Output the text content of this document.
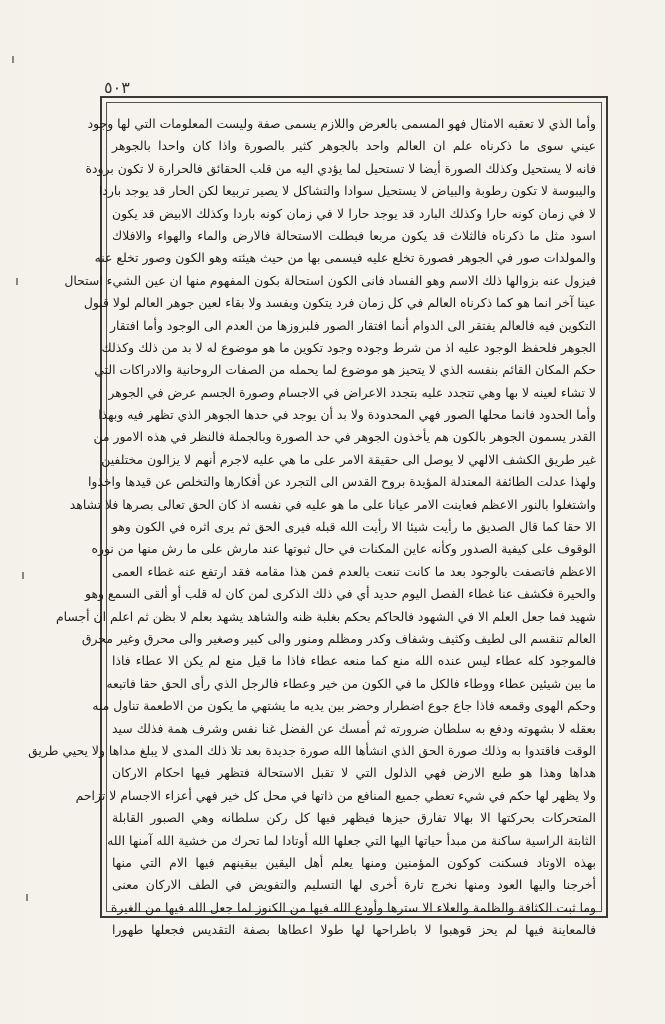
٥٠٣
وأما الذي لا تعقبه الامثال فهو المسمى بالعرض واللازم يسمى صفة وليست المعلومات التي لها وجود
عيني سوى ما ذكرناه علم ان العالم واحد بالجوهر كثير بالصورة واذا كان واحدا بالجوهر
فانه لا يستحيل وكذلك الصورة أيضا لا تستحيل لما يؤدي اليه من قلب الحقائق فالحرارة لا تكون برودة
واليبوسة لا تكون رطوبة والبياض لا يستحيل سوادا والتشاكل لا يصير تربيعا لكن الحار قد يوجد باردا
لا في زمان كونه حارا وكذلك البارد قد يوجد حارا لا في زمان كونه باردا وكذلك الابيض قد يكون
اسود مثل ما ذكرناه فالثلاث قد يكون مربعا فبطلت الاستحالة فالارض والماء والهواء والافلاك
والمولدات صور في الجوهر فصورة تخلع عليه فيسمى بها من حيث هيئته وهو الكون وصور تخلع عنه
فيزول عنه بزوالها ذلك الاسم وهو الفساد فانى الكون استحالة بكون المفهوم منها ان عين الشيء استحال
عينا آخر انما هو كما ذكرناه العالم في كل زمان فرد يتكون ويفسد ولا بقاء لعين جوهر العالم لولا قبول
التكوين فيه فالعالم يفتقر الى الدوام أنما افتقار الصور فلبروزها من العدم الى الوجود وأما افتقار
الجوهر فلحفظ الوجود عليه اذ من شرط وجوده وجود تكوين ما هو موضوع له لا بد من ذلك وكذلك
حكم المكان القائم بنفسه الذي لا يتحيز هو موضوع لما يحمله من الصفات الروحانية والادراكات التي
لا تشاء لعينه لا بها وهي تتجدد عليه بتجدد الاعراض في الاجسام وصورة الجسم عرض في الجوهر
وأما الحدود فانما محلها الصور فهي المحدودة ولا بد أن يوجد في حدها الجوهر الذي تظهر فيه وبهذا
القدر يسمون الجوهر بالكون هم يأخذون الجوهر في حد الصورة وبالجملة فالنظر في هذه الامور من
غير طريق الكشف الالهي لا يوصل الى حقيقة الامر على ما هي عليه لاجرم أنهم لا يزالون مختلفين
ولهذا عدلت الطائفة المعتدلة المؤيدة بروح القدس الى التجرد عن أفكارها والتخلص عن قيدها واخذوا
واشتغلوا بالنور الاعظم فعاينت الامر عيانا على ما هو عليه في نفسه اذ كان الحق تعالى بصرها فلا تشاهد
الا حقا كما قال الصديق ما رأيت شيئا الا رأيت الله قبله فيرى الحق ثم يرى اثره في الكون وهو
الوقوف على كيفية الصدور وكأنه عاين المكنات في حال ثبوتها عند مارش على ما رش منها من نوره
الاعظم فاتصفت بالوجود بعد ما كانت تنعت بالعدم فمن هذا مقامه فقد ارتفع عنه غطاء العمى
والحيرة فكشف عنا غطاء الفصل اليوم حديد أي في ذلك الذكرى لمن كان له قلب أو ألقى السمع وهو
شهيد فما جعل العلم الا في الشهود فالحاكم بحكم بغلبة ظنه والشاهد يشهد بعلم لا بظن ثم اعلم ان أجسام
العالم تنقسم الى لطيف وكثيف وشفاف وكدر ومظلم ومنور والى كبير وصغير والى محرق وغير محرق
فالموجود كله عطاء ليس عنده الله منع كما منعه عطاء فاذا ما قيل منع لم يكن الا عطاء فاذا
ما بين شيئين عطاء ووطاء فالكل ما في الكون من خير وعطاء فالرجل الذي رأى الحق حقا فاتبعه
وحكم الهوى وقمعه فاذا جاع جوع اضطرار وحضر بين يديه ما يشتهي ما يكون من الاطعمة تناول منه
بعقله لا بشهوته ودفع به سلطان ضرورته ثم أمسك عن الفضل غنا نفس وشرف همة فذلك سيد
الوقت فاقتدوا به وذلك صورة الحق الذي انشأها الله صورة جديدة بعد تلا ذلك المدى لا يبلغ مداها ولا يحيي طريق
هداها وهذا هو طبع الارض فهي الذلول التي لا تقبل الاستحالة فتظهر فيها احكام الاركان
ولا يظهر لها حكم في شيء تعطي جميع المنافع من ذاتها في محل كل خير فهي أعزاء الاجسام لا تزاحم
المتحركات بحركتها الا بهالا تفارق حيزها فيظهر فيها كل ركن سلطانه وهي الصبور القابلة
الثابتة الراسية ساكنة من مبدأ حياتها اليها التي جعلها الله أوتادا لما تحرك من خشية الله آمنها الله
بهذه الاوتاد فسكنت كوكون المؤمنين ومنها يعلم أهل اليقين بيقينهم فيها الام التي منها
أخرجنا واليها العود ومنها نخرج تارة أخرى لها التسليم والتفويض في الطف الاركان معنى
وما ثبت الكثافة والظلمة والعلاء الا سترها وأودع الله فيها من الكنوز لما جعل الله فيها من الغيرة
فالمعاينة فيها لم يحز قوهبوا لا باطراحها لها طولا اعطاها بصفة التقديس فجعلها طهورا
